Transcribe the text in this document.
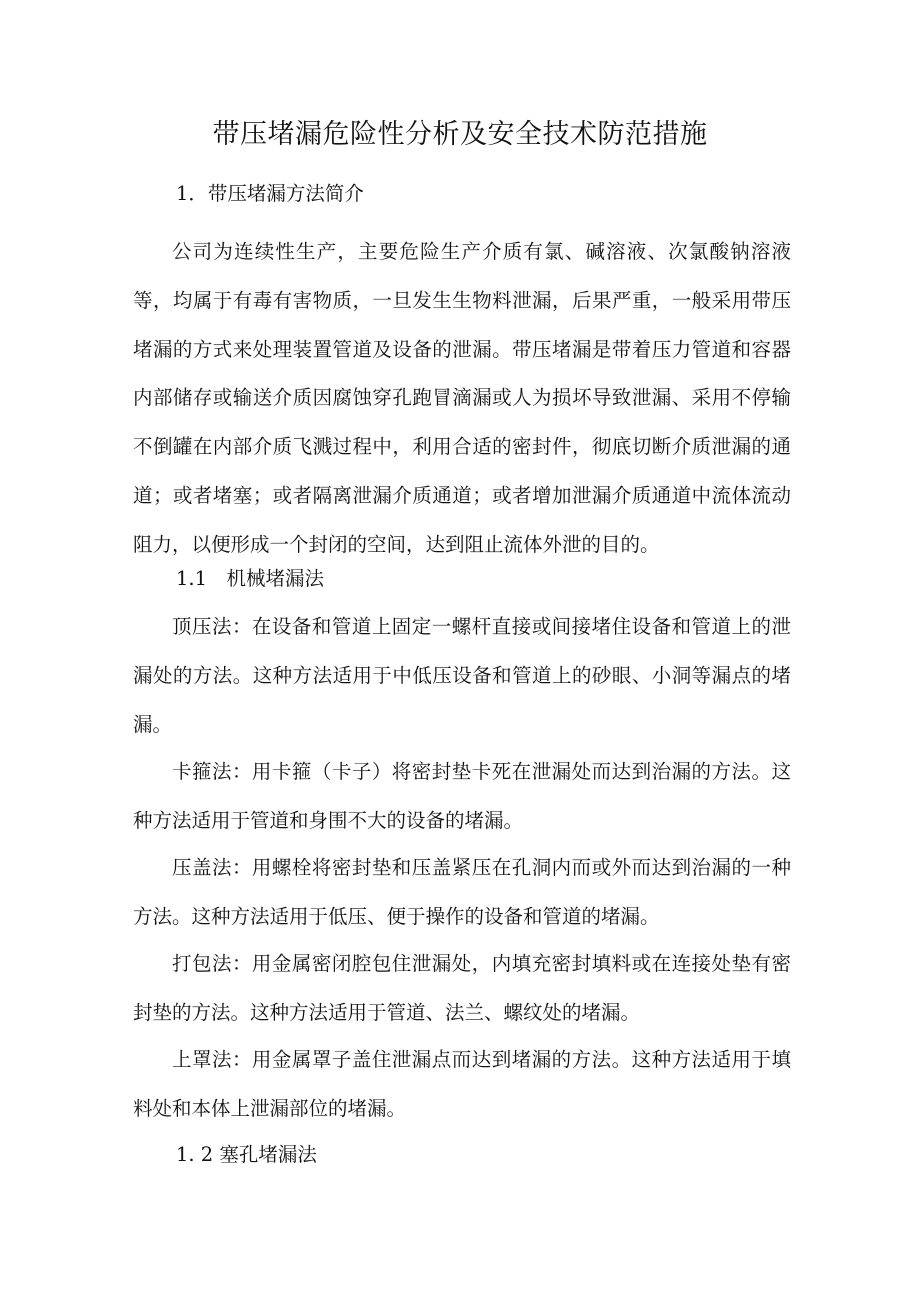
带压堵漏危险性分析及安全技术防范措施
1．带压堵漏方法简介

公司为连续性生产，主要危险生产介质有氯、碱溶液、次氯酸钠溶液等，均属于有毒有害物质，一旦发生生物料泄漏，后果严重，一般采用带压堵漏的方式来处理装置管道及设备的泄漏。带压堵漏是带着压力管道和容器内部储存或输送介质因腐蚀穿孔跑冒滴漏或人为损坏导致泄漏、采用不停输不倒罐在内部介质飞溅过程中，利用合适的密封件，彻底切断介质泄漏的通道；或者堵塞；或者隔离泄漏介质通道；或者增加泄漏介质通道中流体流动阻力，以便形成一个封闭的空间，达到阻止流体外泄的目的。

1.1　机械堵漏法

顶压法：在设备和管道上固定一螺杆直接或间接堵住设备和管道上的泄漏处的方法。这种方法适用于中低压设备和管道上的砂眼、小洞等漏点的堵漏。

卡箍法：用卡箍（卡子）将密封垫卡死在泄漏处而达到治漏的方法。这种方法适用于管道和身围不大的设备的堵漏。

压盖法：用螺栓将密封垫和压盖紧压在孔洞内而或外而达到治漏的一种方法。这种方法适用于低压、便于操作的设备和管道的堵漏。

打包法：用金属密闭腔包住泄漏处，内填充密封填料或在连接处垫有密封垫的方法。这种方法适用于管道、法兰、螺纹处的堵漏。

上罩法：用金属罩子盖住泄漏点而达到堵漏的方法。这种方法适用于填料处和本体上泄漏部位的堵漏。

1. 2 塞孔堵漏法
